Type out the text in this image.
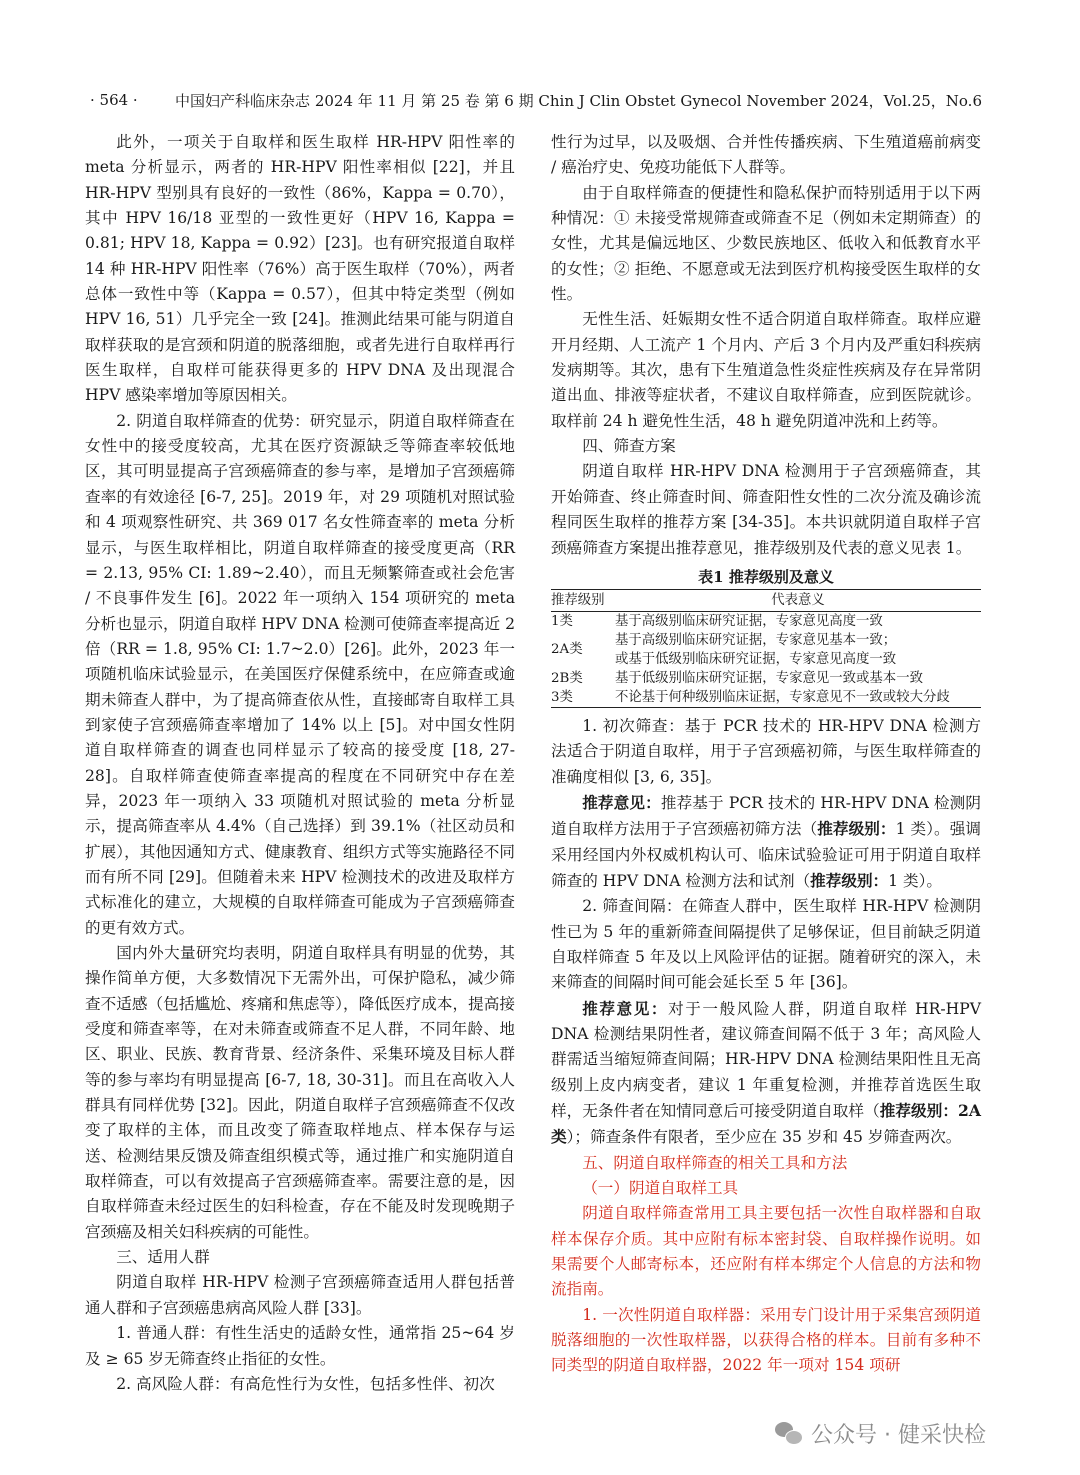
· 564 ·	中国妇产科临床杂志 2024 年 11 月 第 25 卷 第 6 期 Chin J Clin Obstet Gynecol November 2024，Vol.25，No.6

此外，一项关于自取样和医生取样 HR-HPV 阳性率的 meta 分析显示，两者的 HR-HPV 阳性率相似 [22]，并且 HR-HPV 型别具有良好的一致性（86%，Kappa = 0.70），其中 HPV 16/18 亚型的一致性更好（HPV 16, Kappa = 0.81; HPV 18, Kappa = 0.92）[23]。也有研究报道自取样 14 种 HR-HPV 阳性率（76%）高于医生取样（70%），两者总体一致性中等（Kappa = 0.57），但其中特定类型（例如 HPV 16, 51）几乎完全一致 [24]。推测此结果可能与阴道自取样获取的是宫颈和阴道的脱落细胞，或者先进行自取样再行医生取样，自取样可能获得更多的 HPV DNA 及出现混合 HPV 感染率增加等原因相关。

2. 阴道自取样筛查的优势：研究显示，阴道自取样筛查在女性中的接受度较高，尤其在医疗资源缺乏等筛查率较低地区，其可明显提高子宫颈癌筛查的参与率，是增加子宫颈癌筛查率的有效途径 [6-7, 25]。2019 年，对 29 项随机对照试验和 4 项观察性研究、共 369 017 名女性筛查率的 meta 分析显示，与医生取样相比，阴道自取样筛查的接受度更高（RR = 2.13, 95% CI: 1.89~2.40），而且无频繁筛查或社会危害 / 不良事件发生 [6]。2022 年一项纳入 154 项研究的 meta 分析也显示，阴道自取样 HPV DNA 检测可使筛查率提高近 2 倍（RR = 1.8, 95% CI: 1.7~2.0）[26]。此外，2023 年一项随机临床试验显示，在美国医疗保健系统中，在应筛查或逾期未筛查人群中，为了提高筛查依从性，直接邮寄自取样工具到家使子宫颈癌筛查率增加了 14% 以上 [5]。对中国女性阴道自取样筛查的调查也同样显示了较高的接受度 [18, 27-28]。自取样筛查使筛查率提高的程度在不同研究中存在差异，2023 年一项纳入 33 项随机对照试验的 meta 分析显示，提高筛查率从 4.4%（自己选择）到 39.1%（社区动员和扩展），其他因通知方式、健康教育、组织方式等实施路径不同而有所不同 [29]。但随着未来 HPV 检测技术的改进及取样方式标准化的建立，大规模的自取样筛查可能成为子宫颈癌筛查的更有效方式。

国内外大量研究均表明，阴道自取样具有明显的优势，其操作简单方便，大多数情况下无需外出，可保护隐私，减少筛查不适感（包括尴尬、疼痛和焦虑等），降低医疗成本，提高接受度和筛查率等，在对未筛查或筛查不足人群，不同年龄、地区、职业、民族、教育背景、经济条件、采集环境及目标人群等的参与率均有明显提高 [6-7, 18, 30-31]。而且在高收入人群具有同样优势 [32]。因此，阴道自取样子宫颈癌筛查不仅改变了取样的主体，而且改变了筛查取样地点、样本保存与运送、检测结果反馈及筛查组织模式等，通过推广和实施阴道自取样筛查，可以有效提高子宫颈癌筛查率。需要注意的是，因自取样筛查未经过医生的妇科检查，存在不能及时发现晚期子宫颈癌及相关妇科疾病的可能性。

三、适用人群

阴道自取样 HR-HPV 检测子宫颈癌筛查适用人群包括普通人群和子宫颈癌患病高风险人群 [33]。

1. 普通人群：有性生活史的适龄女性，通常指 25~64 岁及 ≥ 65 岁无筛查终止指征的女性。

2. 高风险人群：有高危性行为女性，包括多性伴、初次

性行为过早，以及吸烟、合并性传播疾病、下生殖道癌前病变 / 癌治疗史、免疫功能低下人群等。

由于自取样筛查的便捷性和隐私保护而特别适用于以下两种情况：① 未接受常规筛查或筛查不足（例如未定期筛查）的女性，尤其是偏远地区、少数民族地区、低收入和低教育水平的女性；② 拒绝、不愿意或无法到医疗机构接受医生取样的女性。

无性生活、妊娠期女性不适合阴道自取样筛查。取样应避开月经期、人工流产 1 个月内、产后 3 个月内及严重妇科疾病发病期等。其次，患有下生殖道急性炎症性疾病及存在异常阴道出血、排液等症状者，不建议自取样筛查，应到医院就诊。取样前 24 h 避免性生活，48 h 避免阴道冲洗和上药等。

四、筛查方案

阴道自取样 HR-HPV DNA 检测用于子宫颈癌筛查，其开始筛查、终止筛查时间、筛查阳性女性的二次分流及确诊流程同医生取样的推荐方案 [34-35]。本共识就阴道自取样子宫颈癌筛查方案提出推荐意见，推荐级别及代表的意义见表 1。

表1 推荐级别及意义
推荐级别	代表意义
1类	基于高级别临床研究证据，专家意见高度一致
2A类	基于高级别临床研究证据，专家意见基本一致；
或基于低级别临床研究证据，专家意见高度一致

2B类	基于低级别临床研究证据，专家意见一致或基本一致
3类	不论基于何种级别临床证据，专家意见不一致或较大分歧

1. 初次筛查：基于 PCR 技术的 HR-HPV DNA 检测方法适合于阴道自取样，用于子宫颈癌初筛，与医生取样筛查的准确度相似 [3, 6, 35]。

推荐意见：推荐基于 PCR 技术的 HR-HPV DNA 检测阴道自取样方法用于子宫颈癌初筛方法（推荐级别：1 类）。强调采用经国内外权威机构认可、临床试验验证可用于阴道自取样筛查的 HPV DNA 检测方法和试剂（推荐级别：1 类）。

2. 筛查间隔：在筛查人群中，医生取样 HR-HPV 检测阴性已为 5 年的重新筛查间隔提供了足够保证，但目前缺乏阴道自取样筛查 5 年及以上风险评估的证据。随着研究的深入，未来筛查的间隔时间可能会延长至 5 年 [36]。

推荐意见：对于一般风险人群，阴道自取样 HR-HPV DNA 检测结果阴性者，建议筛查间隔不低于 3 年；高风险人群需适当缩短筛查间隔；HR-HPV DNA 检测结果阳性且无高级别上皮内病变者，建议 1 年重复检测，并推荐首选医生取样，无条件者在知情同意后可接受阴道自取样（推荐级别：2A 类）；筛查条件有限者，至少应在 35 岁和 45 岁筛查两次。

五、阴道自取样筛查的相关工具和方法

（一）阴道自取样工具

阴道自取样筛查常用工具主要包括一次性自取样器和自取样本保存介质。其中应附有标本密封袋、自取样操作说明。如果需要个人邮寄标本，还应附有样本绑定个人信息的方法和物流指南。

1. 一次性阴道自取样器：采用专门设计用于采集宫颈阴道脱落细胞的一次性取样器，以获得合格的样本。目前有多种不同类型的阴道自取样器，2022 年一项对 154 项研

公众号 · 健采快检
